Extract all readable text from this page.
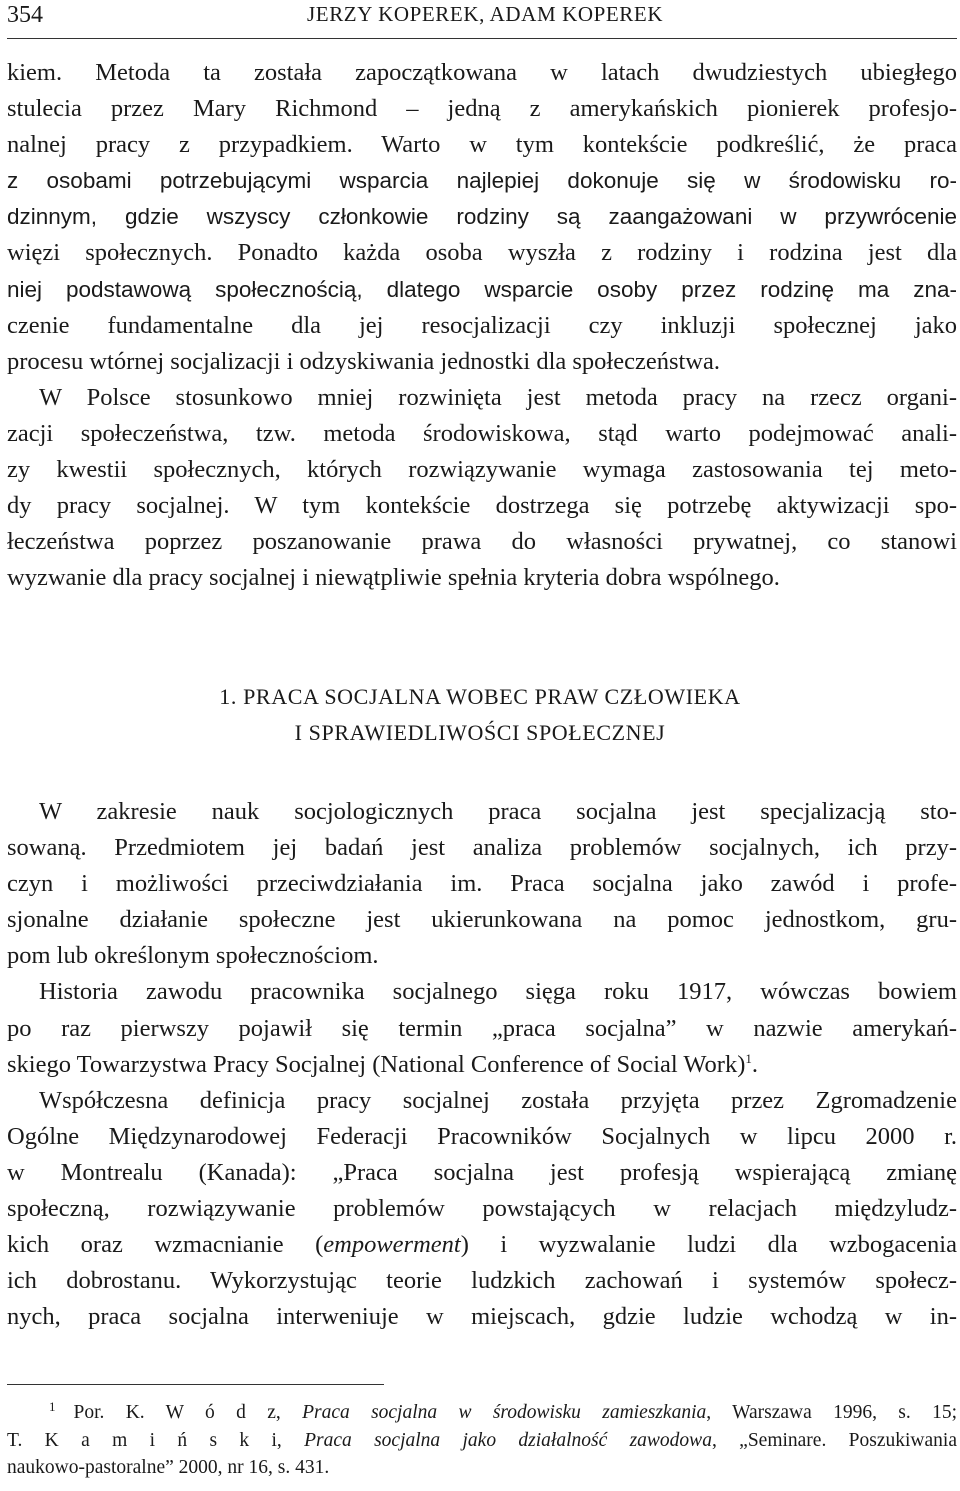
354	JERZY KOPEREK, ADAM KOPEREK
kiem. Metoda ta została zapoczątkowana w latach dwudziestych ubiegłego
stulecia przez Mary Richmond – jedną z amerykańskich pionierek profesjo-
nalnej pracy z przypadkiem. Warto w tym kontekście podkreślić, że praca
z osobami potrzebującymi wsparcia najlepiej dokonuje się w środowisku ro-
dzinnym, gdzie wszyscy członkowie rodziny są zaangażowani w przywrócenie
więzi społecznych. Ponadto każda osoba wyszła z rodziny i rodzina jest dla
niej podstawową społecznością, dlatego wsparcie osoby przez rodzinę ma zna-
czenie fundamentalne dla jej resocjalizacji czy inkluzji społecznej jako
procesu wtórnej socjalizacji i odzyskiwania jednostki dla społeczeństwa.
W Polsce stosunkowo mniej rozwinięta jest metoda pracy na rzecz organi-
zacji społeczeństwa, tzw. metoda środowiskowa, stąd warto podejmować anali-
zy kwestii społecznych, których rozwiązywanie wymaga zastosowania tej meto-
dy pracy socjalnej. W tym kontekście dostrzega się potrzebę aktywizacji spo-
łeczeństwa poprzez poszanowanie prawa do własności prywatnej, co stanowi
wyzwanie dla pracy socjalnej i niewątpliwie spełnia kryteria dobra wspólnego.
1. PRACA SOCJALNA WOBEC PRAW CZŁOWIEKA
I SPRAWIEDLIWOŚCI SPOŁECZNEJ
W zakresie nauk socjologicznych praca socjalna jest specjalizacją sto-
sowaną. Przedmiotem jej badań jest analiza problemów socjalnych, ich przy-
czyn i możliwości przeciwdziałania im. Praca socjalna jako zawód i profe-
sjonalne działanie społeczne jest ukierunkowana na pomoc jednostkom, gru-
pom lub określonym społecznościom.
Historia zawodu pracownika socjalnego sięga roku 1917, wówczas bowiem
po raz pierwszy pojawił się termin „praca socjalna” w nazwie amerykań-
skiego Towarzystwa Pracy Socjalnej (National Conference of Social Work)$^1$.
Współczesna definicja pracy socjalnej została przyjęta przez Zgromadzenie
Ogólne Międzynarodowej Federacji Pracowników Socjalnych w lipcu 2000 r.
w Montrealu (Kanada): „Praca socjalna jest profesją wspierającą zmianę
społeczną, rozwiązywanie problemów powstających w relacjach międzyludz-
kich oraz wzmacnianie (empowerment) i wyzwalanie ludzi dla wzbogacenia
ich dobrostanu. Wykorzystując teorie ludzkich zachowań i systemów społecz-
nych, praca socjalna interweniuje w miejscach, gdzie ludzie wchodzą w in-
$^1$ Por. K. W ó d z, Praca socjalna w środowisku zamieszkania, Warszawa 1996, s. 15;
T. K a m i ń s k i, Praca socjalna jako działalność zawodowa, „Seminare. Poszukiwania
naukowo-pastoralne” 2000, nr 16, s. 431.
